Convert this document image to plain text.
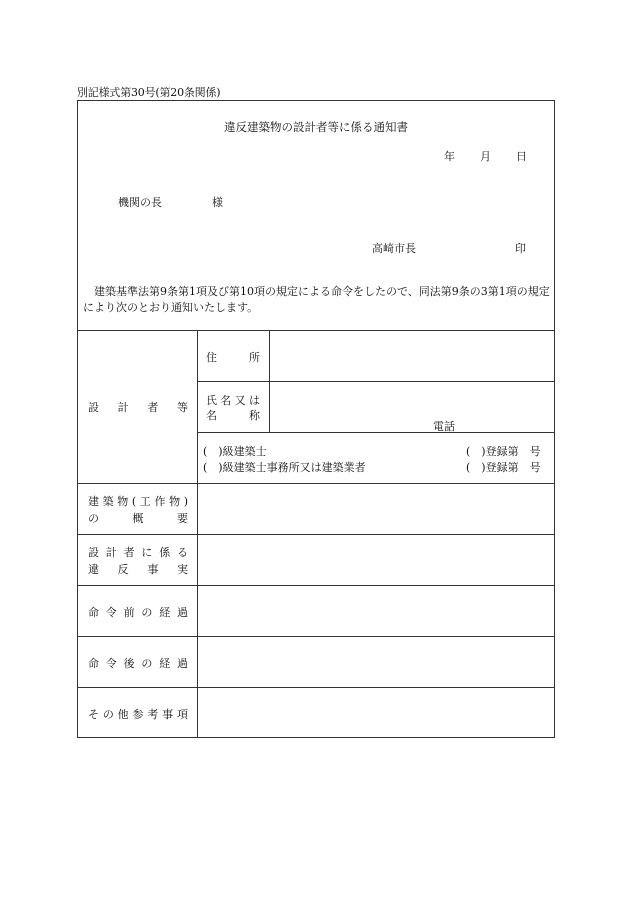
別記様式第30号(第20条関係)
違反建築物の設計者等に係る通知書
年 月 日
機関の長	様
高崎市長	印
建築基準法第9条第1項及び第10項の規定による命令をしたので、同法第9条の3第1項の規定により次のとおり通知いたします。
設計者等
住所
氏名又は
名称
電話
(　)級建築士
(　)級建築士事務所又は建築業者
(　)登録第　号
(　)登録第　号
建築物(工作物)
の概要
設計者に係る
違反事実
命令前の経過
命令後の経過
その他参考事項
